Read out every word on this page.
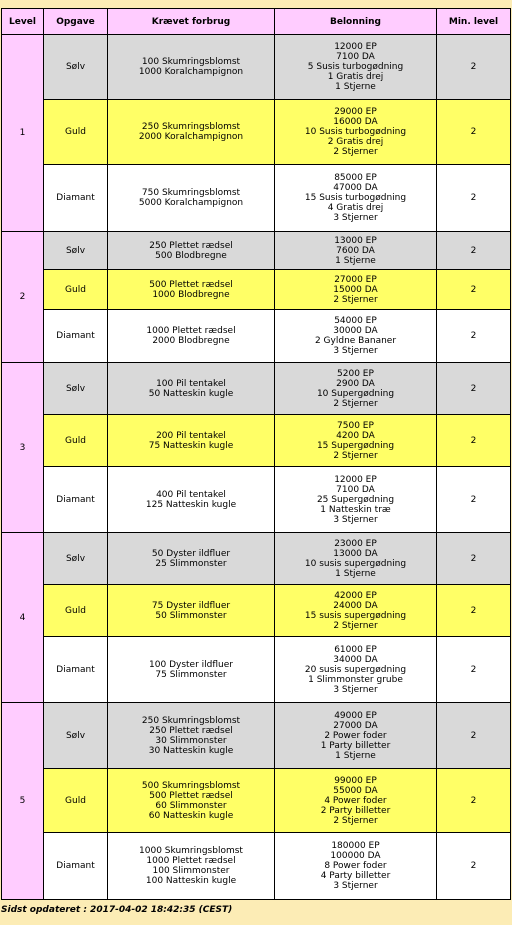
Level	Opgave	Krævet forbrug	Belonning	Min. level
1	Sølv	100 Skumringsblomst
1000 Koralchampignon	12000 EP
7100 DA
5 Susis turbogødning
1 Gratis drej
1 Stjerne	2
	Guld	250 Skumringsblomst
2000 Koralchampignon	29000 EP
16000 DA
10 Susis turbogødning
2 Gratis drej
2 Stjerner	2
	Diamant	750 Skumringsblomst
5000 Koralchampignon	85000 EP
47000 DA
15 Susis turbogødning
4 Gratis drej
3 Stjerner	2
2	Sølv	250 Plettet rædsel
500 Blodbregne	13000 EP
7600 DA
1 Stjerne	2
	Guld	500 Plettet rædsel
1000 Blodbregne	27000 EP
15000 DA
2 Stjerner	2
	Diamant	1000 Plettet rædsel
2000 Blodbregne	54000 EP
30000 DA
2 Gyldne Bananer
3 Stjerner	2
3	Sølv	100 Pil tentakel
50 Natteskin kugle	5200 EP
2900 DA
10 Supergødning
2 Stjerner	2
	Guld	200 Pil tentakel
75 Natteskin kugle	7500 EP
4200 DA
15 Supergødning
2 Stjerner	2
	Diamant	400 Pil tentakel
125 Natteskin kugle	12000 EP
7100 DA
25 Supergødning
1 Natteskin træ
3 Stjerner	2
4	Sølv	50 Dyster ildfluer
25 Slimmonster	23000 EP
13000 DA
10 susis supergødning
1 Stjerne	2
	Guld	75 Dyster ildfluer
50 Slimmonster	42000 EP
24000 DA
15 susis supergødning
2 Stjerner	2
	Diamant	100 Dyster ildfluer
75 Slimmonster	61000 EP
34000 DA
20 susis supergødning
1 Slimmonster grube
3 Stjerner	2
5	Sølv	250 Skumringsblomst
250 Plettet rædsel
30 Slimmonster
30 Natteskin kugle	49000 EP
27000 DA
2 Power foder
1 Party billetter
1 Stjerne	2
	Guld	500 Skumringsblomst
500 Plettet rædsel
60 Slimmonster
60 Natteskin kugle	99000 EP
55000 DA
4 Power foder
2 Party billetter
2 Stjerner	2
	Diamant	1000 Skumringsblomst
1000 Plettet rædsel
100 Slimmonster
100 Natteskin kugle	180000 EP
100000 DA
8 Power foder
4 Party billetter
3 Stjerner	2
Sidst opdateret : 2017-04-02 18:42:35 (CEST)
